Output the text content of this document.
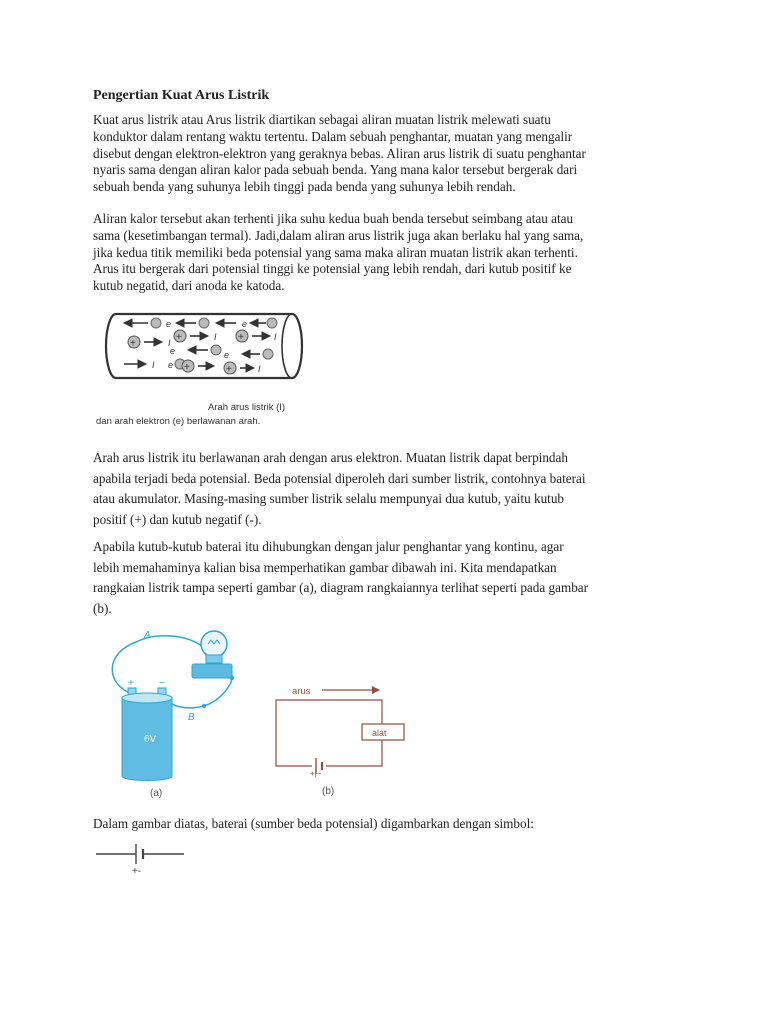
Pengertian Kuat Arus Listrik

Kuat arus listrik atau Arus listrik diartikan sebagai aliran muatan listrik melewati suatu
konduktor dalam rentang waktu tertentu. Dalam sebuah penghantar, muatan yang mengalir
disebut dengan elektron-elektron yang geraknya bebas. Aliran arus listrik di suatu penghantar
nyaris sama dengan aliran kalor pada sebuah benda. Yang mana kalor tersebut bergerak dari
sebuah benda yang suhunya lebih tinggi pada benda yang suhunya lebih rendah.

Aliran kalor tersebut akan terhenti jika suhu kedua buah benda tersebut seimbang atau atau
sama (kesetimbangan termal). Jadi,dalam aliran arus listrik juga akan berlaku hal yang sama,
jika kedua titik memiliki beda potensial yang sama maka aliran muatan listrik akan terhenti.
Arus itu bergerak dari potensial tinggi ke potensial yang lebih rendah, dari kutub positif ke
kutub negatid, dari anoda ke katoda.

e	e
+	I +	I +	I
e	e
I e +	+	I
Arah arus listrik (I)
dan arah elektron (e) berlawanan arah.

Arah arus listrik itu berlawanan arah dengan arus elektron. Muatan listrik dapat berpindah
apabila terjadi beda potensial. Beda potensial diperoleh dari sumber listrik, contohnya baterai
atau akumulator. Masing-masing sumber listrik selalu mempunyai dua kutub, yaitu kutub
positif (+) dan kutub negatif (-).

Apabila kutub-kutub baterai itu dihubungkan dengan jalur penghantar yang kontinu, agar
lebih memahaminya kalian bisa memperhatikan gambar dibawah ini. Kita mendapatkan
rangkaian listrik tampa seperti gambar (a), diagram rangkaiannya terlihat seperti pada gambar
(b).

A
B
6V
+	−
(a)
arus
alat
+|−
(b)

Dalam gambar diatas, baterai (sumber beda potensial) digambarkan dengan simbol:

+-
